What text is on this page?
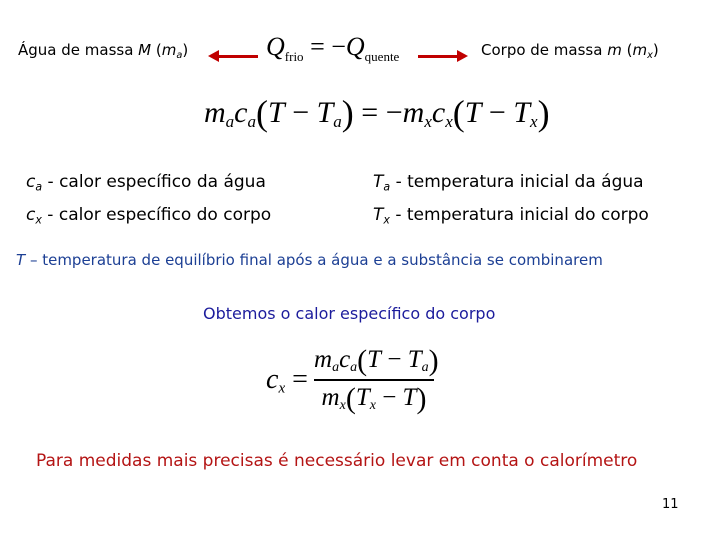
Água de massa M $(m_a)$	$Q_{frio} = -Q_{quente}$	Corpo de massa m $(m_x)$
$m_ac_a(T - T_a) = -m_xc_x(T - T_x)$
$c_a$ - calor específico da água
$c_x$ - calor específico do corpo
$T_a$ - temperatura inicial da água
$T_x$ - temperatura inicial do corpo
T – temperatura de equilíbrio final após a água e a substância se combinarem
Obtemos o calor específico do corpo
$c_x$ =
$m_ac_a(T - T_a)$
$m_x(T_x - T)$
Para medidas mais precisas é necessário levar em conta o calorímetro
11
